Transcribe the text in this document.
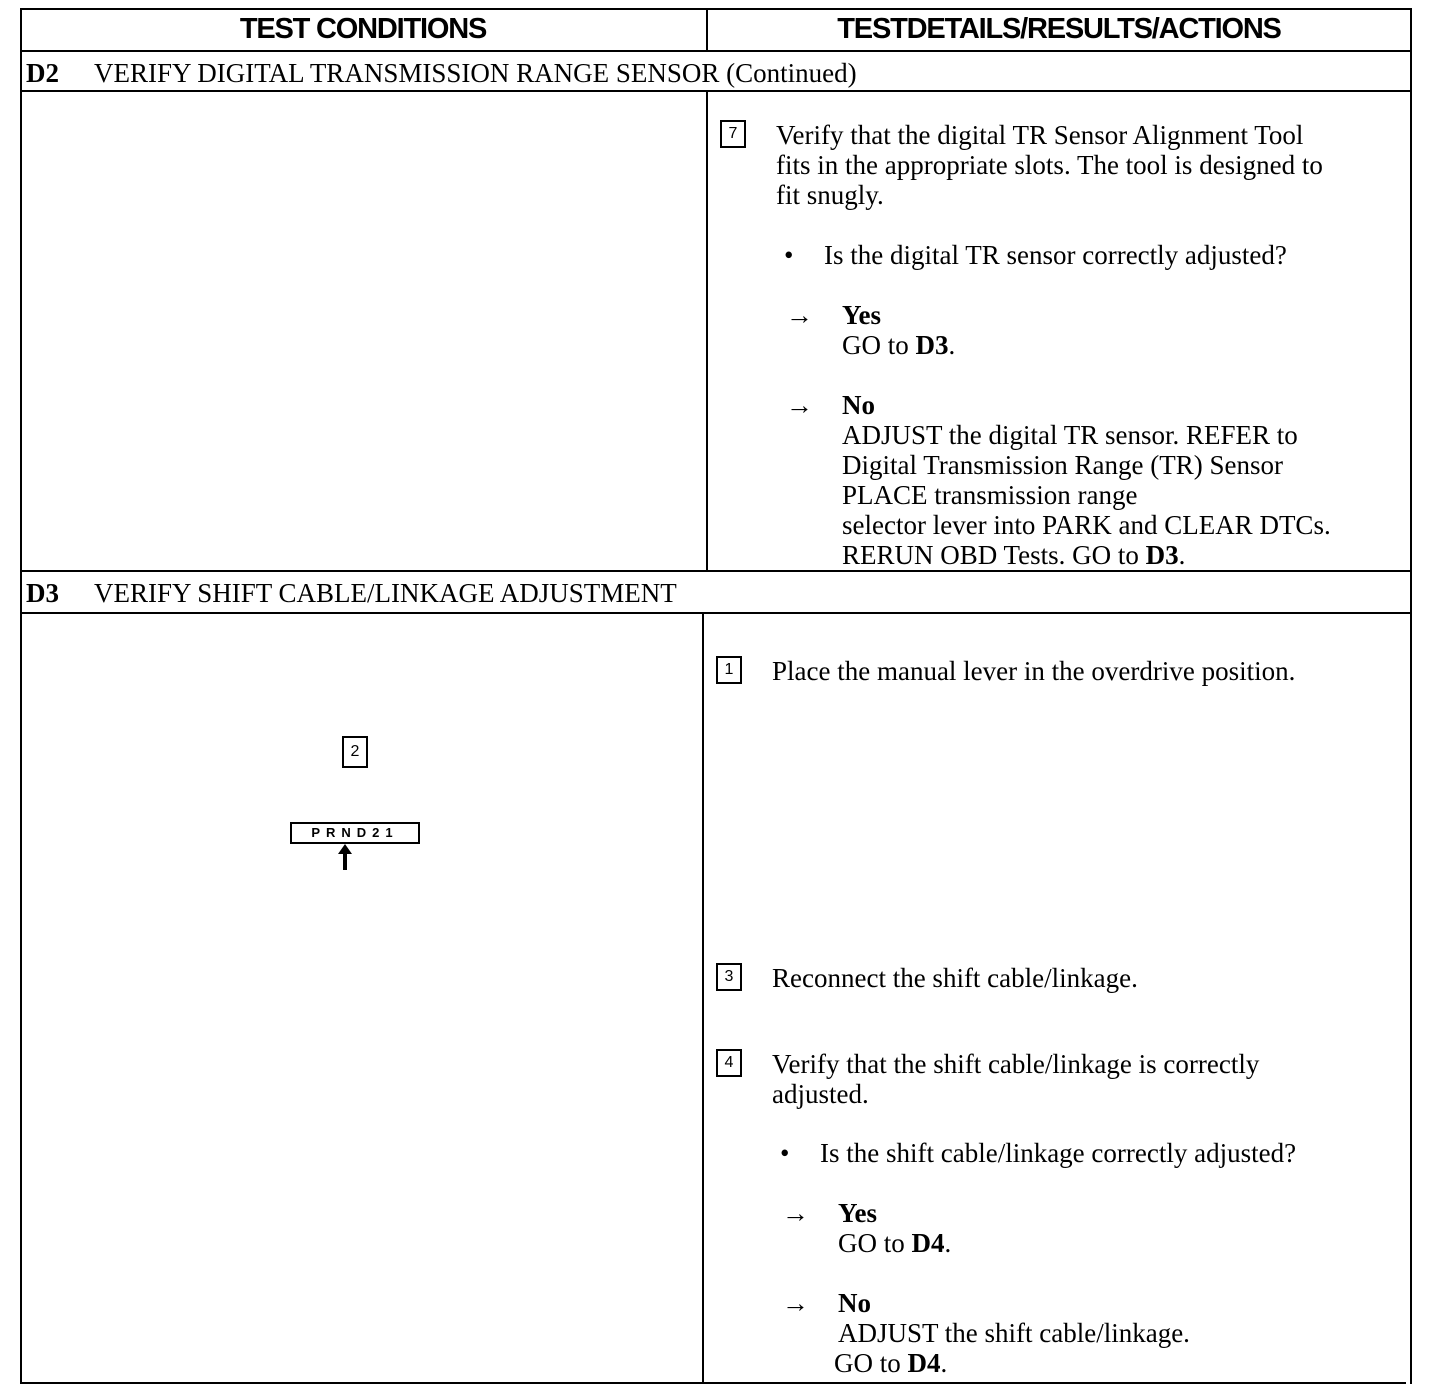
TEST CONDITIONS	TESTDETAILS/RESULTS/ACTIONS
D2 VERIFY DIGITAL TRANSMISSION RANGE SENSOR (Continued)
7	Verify that the digital TR Sensor Alignment Tool
fits in the appropriate slots. The tool is designed to
fit snugly.
• Is the digital TR sensor correctly adjusted?
→ Yes
GO to D3.
→ No
ADJUST the digital TR sensor. REFER to
Digital Transmission Range (TR) Sensor
PLACE transmission range
selector lever into PARK and CLEAR DTCs.
RERUN OBD Tests. GO to D3.
D3 VERIFY SHIFT CABLE/LINKAGE ADJUSTMENT
2
PRND21
1	Place the manual lever in the overdrive position.
3	Reconnect the shift cable/linkage.
4	Verify that the shift cable/linkage is correctly
adjusted.
• Is the shift cable/linkage correctly adjusted?
→ Yes
GO to D4.
→ No
ADJUST the shift cable/linkage.
GO to D4.
